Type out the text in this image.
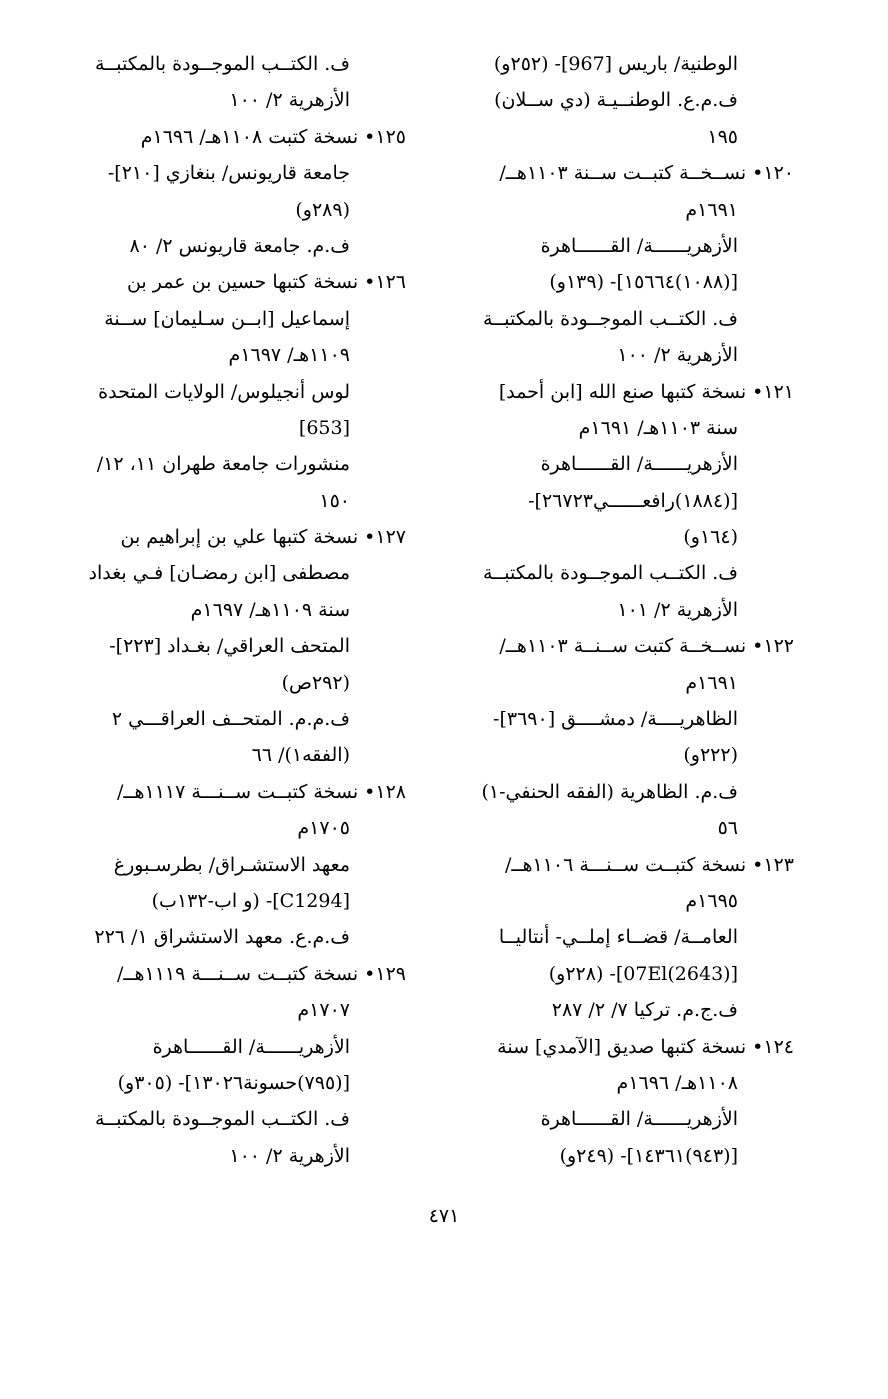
الوطنية/ باريس [967]- (٢٥٢و)
ف.م.ع. الوطنــيـة (دي ســلان)
١٩٥
١٢٠• نســخــة كتبــت ســنة ١١٠٣هــ/
١٦٩١م
الأزهريــــــة/ القــــــاهرة
[(١٠٨٨)١٥٦٦٤]- (١٣٩و)
ف. الكتــب الموجــودة بالمكتبــة
الأزهرية ٢/ ١٠٠
١٢١• نسخة كتبها صنع الله [ابن أحمد]
سنة ١١٠٣هـ/ ١٦٩١م
الأزهريــــــة/ القــــــاهرة
[(١٨٨٤)رافعــــــي٢٦٧٢٣]-
(١٦٤و)
ف. الكتــب الموجــودة بالمكتبــة
الأزهرية ٢/ ١٠١
١٢٢• نســخــة كتبت ســنــة ١١٠٣هــ/
١٦٩١م
الظاهريــــة/ دمشــــق [٣٦٩٠]-
(٢٢٢و)
ف.م. الظاهرية (الفقه الحنفي-١)
٥٦
١٢٣• نسخة كتبــت ســنـــة ١١٠٦هــ/
١٦٩٥م
العامــة/ قضــاء إملــي- أنتاليــا
[07El(2643)]- (٢٢٨و)
ف.ج.م. تركيا ٧/ ٢/ ٢٨٧
١٢٤• نسخة كتبها صديق [الآمدي] سنة
١١٠٨هـ/ ١٦٩٦م
الأزهريــــــة/ القــــــاهرة
[(٩٤٣)١٤٣٦١]- (٢٤٩و)
ف. الكتــب الموجــودة بالمكتبــة
الأزهرية ٢/ ١٠٠
١٢٥• نسخة كتبت ١١٠٨هـ/ ١٦٩٦م
جامعة قاريونس/ بنغازي [٢١٠]-
(٢٨٩و)
ف.م. جامعة قاريونس ٢/ ٨٠
١٢٦• نسخة كتبها حسين بن عمر بن
إسماعيل [ابــن سـليمان] ســنة
١١٠٩هـ/ ١٦٩٧م
لوس أنجيلوس/ الولايات المتحدة
[653]
منشورات جامعة طهران ١١، ١٢/
١٥٠
١٢٧• نسخة كتبها علي بن إبراهيم بن
مصطفى [ابن رمضـان] فـي بغداد
سنة ١١٠٩هـ/ ١٦٩٧م
المتحف العراقي/ بغـداد [٢٢٣]-
(٢٩٢ص)
ف.م.م. المتحــف العراقـــي ٢
(الفقه١)/ ٦٦
١٢٨• نسخة كتبــت ســنـــة ١١١٧هــ/
١٧٠٥م
معهد الاستشـراق/ بطرسـبورغ
[C1294]- (و اب-١٣٢ب)
ف.م.ع. معهد الاستشراق ١/ ٢٢٦
١٢٩• نسخة كتبــت ســنـــة ١١١٩هــ/
١٧٠٧م
الأزهريــــــة/ القــــــاهرة
[(٧٩٥)حسونة١٣٠٢٦]- (٣٠٥و)
ف. الكتــب الموجــودة بالمكتبــة
الأزهرية ٢/ ١٠٠
٤٧١
